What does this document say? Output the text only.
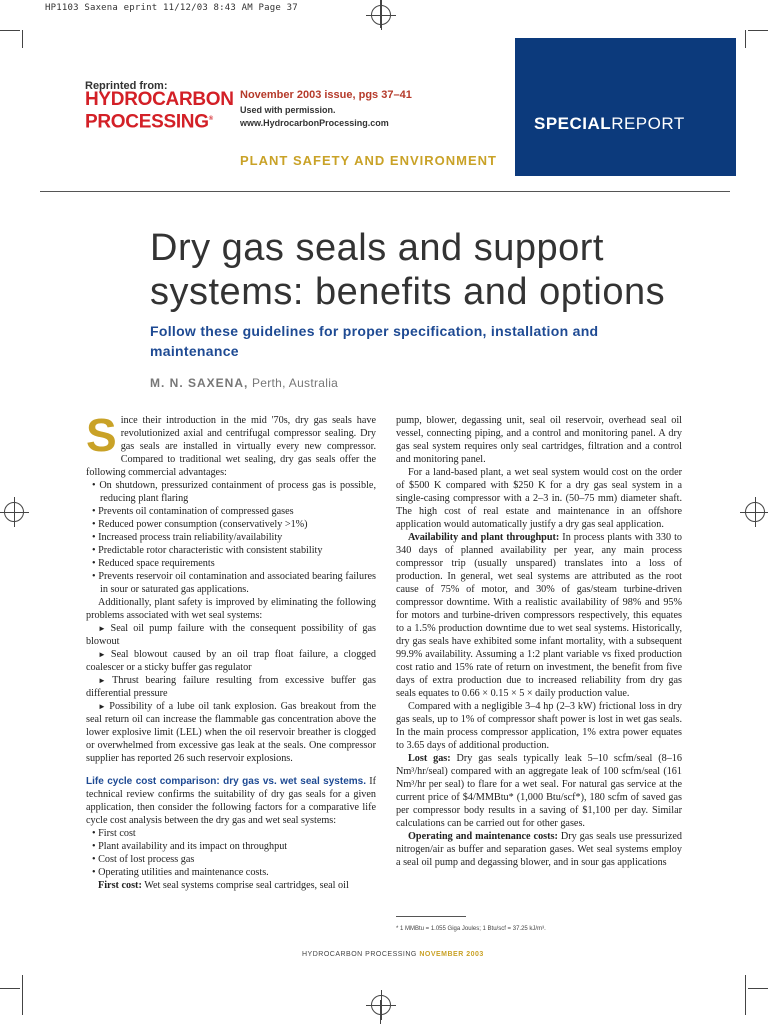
HP1103 Saxena eprint 11/12/03 8:43 AM Page 37
Reprinted from:
HYDROCARBON
PROCESSING®
November 2003 issue, pgs 37–41
Used with permission.
www.HydrocarbonProcessing.com	SPECIALREPORT
PLANT SAFETY AND ENVIRONMENT
Dry gas seals and support systems: benefits and options
Follow these guidelines for proper specification, installation and maintenance
M. N. SAXENA, Perth, Australia

Since their introduction in the mid '70s, dry gas seals have revolutionized axial and centrifugal compressor sealing. Dry gas seals are installed in virtually every new compressor. Compared to traditional wet sealing, dry gas seals offer the following commercial advantages:

• On shutdown, pressurized containment of process gas is possible, reducing plant flaring

• Prevents oil contamination of compressed gases

• Reduced power consumption (conservatively >1%)

• Increased process train reliability/availability

• Predictable rotor characteristic with consistent stability

• Reduced space requirements

• Prevents reservoir oil contamination and associated bearing failures in sour or saturated gas applications.

Additionally, plant safety is improved by eliminating the following problems associated with wet seal systems:

► Seal oil pump failure with the consequent possibility of gas blowout

► Seal blowout caused by an oil trap float failure, a clogged coalescer or a sticky buffer gas regulator

► Thrust bearing failure resulting from excessive buffer gas differential pressure

► Possibility of a lube oil tank explosion. Gas breakout from the seal return oil can increase the flammable gas concentration above the lower explosive limit (LEL) when the oil reservoir breather is clogged or overwhelmed from excessive gas leak at the seals. One compressor supplier has reported 26 such reservoir explosions.

Life cycle cost comparison: dry gas vs. wet seal systems. If technical review confirms the suitability of dry gas seals for a given application, then consider the following factors for a comparative life cycle cost analysis between the dry gas and wet seal systems:

• First cost

• Plant availability and its impact on throughput

• Cost of lost process gas

• Operating utilities and maintenance costs.

First cost: Wet seal systems comprise seal cartridges, seal oil

pump, blower, degassing unit, seal oil reservoir, overhead seal oil vessel, connecting piping, and a control and monitoring panel. A dry gas seal system requires only seal cartridges, filtration and a control and monitoring panel.

For a land-based plant, a wet seal system would cost on the order of $500 K compared with $250 K for a dry gas seal system in a single-casing compressor with a 2–3 in. (50–75 mm) diameter shaft. The high cost of real estate and maintenance in an offshore application would automatically justify a dry gas seal application.

Availability and plant throughput: In process plants with 330 to 340 days of planned availability per year, any main process compressor trip (usually unspared) translates into a loss of production. In general, wet seal systems are attributed as the root cause of 75% of motor, and 30% of gas/steam turbine-driven compressor downtime. With a realistic availability of 98% and 95% for motors and turbine-driven compressors respectively, this equates to a 1.5% production downtime due to wet seal systems. Historically, dry gas seals have exhibited some infant mortality, with a subsequent 99.9% availability. Assuming a 1:2 plant variable vs fixed production cost ratio and 15% rate of return on investment, the benefit from five days of extra production due to increased reliability from dry gas seals equates to 0.66 × 0.15 × 5 × daily production value.

Compared with a negligible 3–4 hp (2–3 kW) frictional loss in dry gas seals, up to 1% of compressor shaft power is lost in wet gas seals. In the main process compressor application, 1% extra power equates to 3.65 days of additional production.

Lost gas: Dry gas seals typically leak 5–10 scfm/seal (8–16 Nm³/hr/seal) compared with an aggregate leak of 100 scfm/seal (161 Nm³/hr per seal) to flare for a wet seal. For natural gas service at the current price of $4/MMBtu* (1,000 Btu/scf*), 180 scfm of saved gas per compressor body results in a saving of $1,100 per day. Similar calculations can be carried out for other gases.

Operating and maintenance costs: Dry gas seals use pressurized nitrogen/air as buffer and separation gases. Wet seal systems employ a seal oil pump and degassing blower, and in sour gas applications

* 1 MMBtu = 1.055 Giga Joules; 1 Btu/scf = 37.25 kJ/m³.
HYDROCARBON PROCESSING NOVEMBER 2003
